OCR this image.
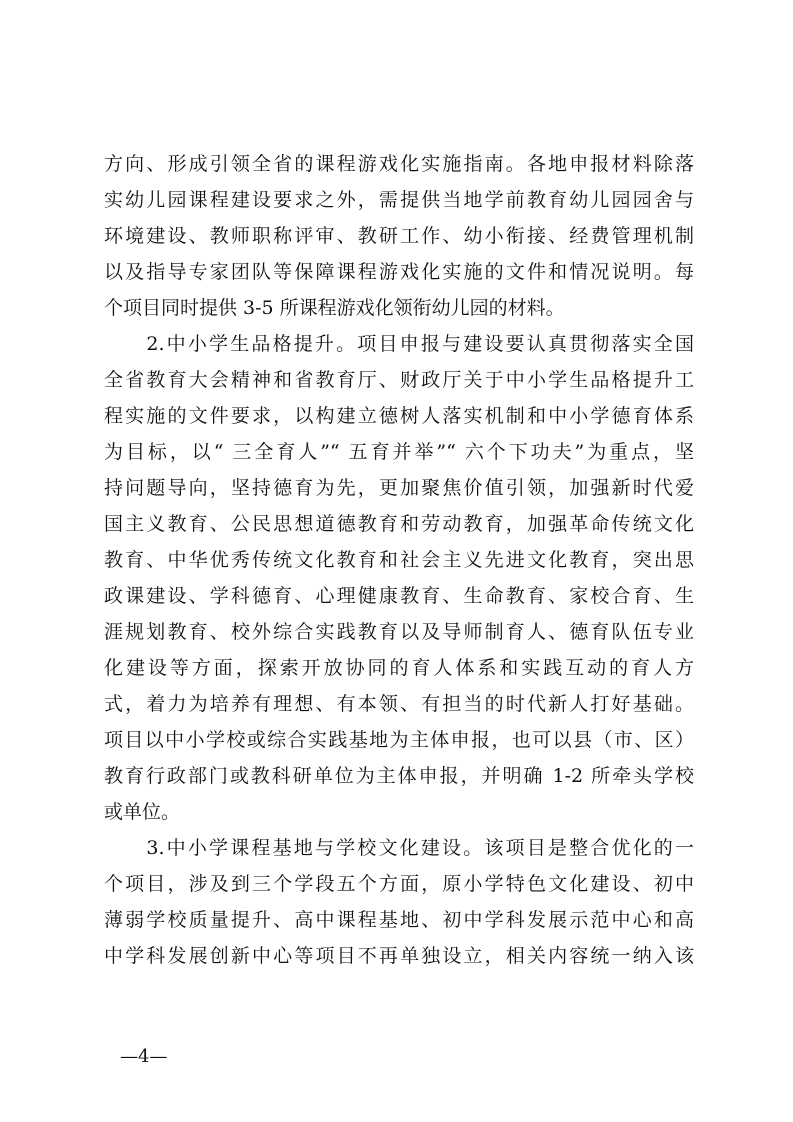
方向、形成引领全省的课程游戏化实施指南。各地申报材料除落
实幼儿园课程建设要求之外，需提供当地学前教育幼儿园园舍与
环境建设、教师职称评审、教研工作、幼小衔接、经费管理机制
以及指导专家团队等保障课程游戏化实施的文件和情况说明。每
个项目同时提供 3-5 所课程游戏化领衔幼儿园的材料。
　　2.中小学生品格提升。项目申报与建设要认真贯彻落实全国
全省教育大会精神和省教育厅、财政厅关于中小学生品格提升工
程实施的文件要求，以构建立德树人落实机制和中小学德育体系
为目标，以“ 三全育人”“ 五育并举”“ 六个下功夫”为重点，坚
持问题导向，坚持德育为先，更加聚焦价值引领，加强新时代爱
国主义教育、公民思想道德教育和劳动教育，加强革命传统文化
教育、中华优秀传统文化教育和社会主义先进文化教育，突出思
政课建设、学科德育、心理健康教育、生命教育、家校合育、生
涯规划教育、校外综合实践教育以及导师制育人、德育队伍专业
化建设等方面，探索开放协同的育人体系和实践互动的育人方
式，着力为培养有理想、有本领、有担当的时代新人打好基础。
项目以中小学校或综合实践基地为主体申报，也可以县（市、区）
教育行政部门或教科研单位为主体申报，并明确 1-2 所牵头学校
或单位。
　　3.中小学课程基地与学校文化建设。该项目是整合优化的一
个项目，涉及到三个学段五个方面，原小学特色文化建设、初中
薄弱学校质量提升、高中课程基地、初中学科发展示范中心和高
中学科发展创新中心等项目不再单独设立，相关内容统一纳入该
—4—
